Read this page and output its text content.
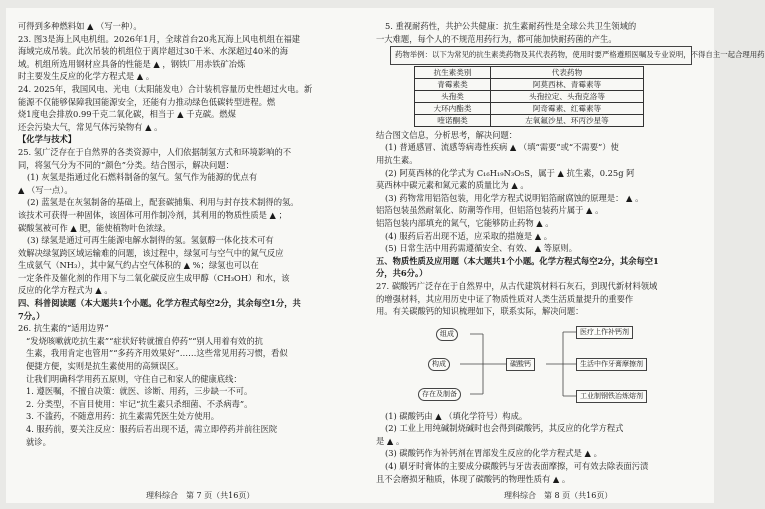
可得到多种燃料如 ▲ （写一种）。
23. 图3是海上风电机组。2026年1月，全球首台20兆瓦海上风电机组在福建
海域完成吊装。此次吊装的机组位于离岸超过30千米、水深超过40米的海
域。机组所选用钢材应具备的性能是 ▲ ，钢铁厂用赤铁矿冶炼
时主要发生反应的化学方程式是 ▲ 。
24. 2025年，我国风电、光电（太阳能发电）合计装机容量历史性超过火电。新
能源不仅能够保障我国能源安全，还能有力推动绿色低碳转型进程。燃
烧1度电会排放0.99千克二氧化碳，相当于 ▲ 千克碳。燃煤
还会污染大气，常见气体污染物有 ▲ 。
【化学与技术】
25. 氢广泛存在于自然界的各类资源中，人们依据制氢方式和环境影响的不
同，将氢气分为不同的“颜色”分类。结合图示，解决问题：
(1) 灰氢是指通过化石燃料制备的氢气。氢气作为能源的优点有
▲ （写一点）。
(2) 蓝氢是在灰氢制备的基础上，配套碳捕集、利用与封存技术制得的氢。
该技术可获得一种固体，该固体可用作制冷剂，其利用的物质性质是 ▲ ；
碳酸氢被可作 ▲ 肥，能使植物叶色浓绿。
(3) 绿氢是通过可再生能源电解水制得的氢。氢氨醇一体化技术可有
效解决绿氢跨区域运输难的问题，该过程中，绿氢可与空气中的氮气反应
生成氨气（NH₃），其中氮气约占空气体积的 ▲ %；绿氢也可以在
一定条件及催化剂的作用下与二氧化碳反应生成甲醇（CH₃OH）和水，该
反应的化学方程式为 ▲ 。
四、科普阅读题（本大题共1个小题。化学方程式每空2分，其余每空1分，共
7分。）
26. 抗生素的“适用边界”
“发烧咳嗽就吃抗生素”“症状好转就擅自停药”“别人用着有效的抗
生素，我用肯定也管用”“多药齐用效果好”……这些常见用药习惯，看似
便捷方便，实则是抗生素使用的高频误区。
让我们明确科学用药五原则，守住自己和家人的健康底线：
1. 遵医嘱，不擅自决策：就医、诊断、用药，三步缺一不可。
2. 分类型，不盲目使用：牢记“抗生素只杀细菌、不杀病毒”。
3. 不滥药，不随意用药：抗生素需凭医生处方使用。
4. 服药前，要关注反应：服药后若出现不适，需立即停药并前往医院
就诊。
理科综合　第 7 页（共16页）
5. 重视耐药性，共护公共健康：抗生素耐药性是全球公共卫生领域的
一大难题，每个人的不规范用药行为，都可能加快耐药菌的产生。
药物举例：以下为常见的抗生素类药物及其代表药物，使用时要严格遵照医嘱及专业说明，不得自主一起合理用药
抗生素类别	代表药物
青霉素类	阿莫西林、青霉素等
头孢类	头孢拉定、头孢克洛等
大环内酯类	阿奇霉素、红霉素等
喹诺酮类	左氧氟沙星、环丙沙星等
结合图文信息，分析思考，解决问题：
(1) 普通感冒、流感等病毒性疾病 ▲ （填“需要”或“不需要”）使
用抗生素。
(2) 阿莫西林的化学式为 C₁₆H₁₉N₃O₅S，属于 ▲ 抗生素，0.25g 阿
莫西林中碳元素和氮元素的质量比为 ▲ 。
(3) 药物常用铝箔包装，用化学方程式说明铝箔耐腐蚀的原理是： ▲ 。
铝箔包装虽然耐氧化、防潮等作用，但铝箔包装药片属于 ▲ 。
铝箔包装内部填充的氮气，它能够防止药物 ▲ 。
(4) 服药后若出现不适，应采取的措施是 ▲ 。
(5) 日常生活中用药需遵循安全、有效、 ▲ 等原则。
五、物质性质及应用题（本大题共1个小题。化学方程式每空2分，其余每空1
分，共6分。）
27. 碳酸钙广泛存在于自然界中，从古代建筑材料石灰石，到现代新材料领域
的增强材料，其应用历史中证了物质性质对人类生活质量提升的重要作
用。有关碳酸钙的知识梳理如下，联系实际，解决问题：
组成
构成
存在及制备
碳酸钙
医疗上作补钙剂
生活中作牙膏摩擦剂
工业制钢铁冶炼熔剂
(1) 碳酸钙由 ▲ （填化学符号）构成。
(2) 工业上用纯碱制烧碱时也会得到碳酸钙，其反应的化学方程式
是 ▲ 。
(3) 碳酸钙作为补钙剂在胃部发生反应的化学方程式是 ▲ 。
(4) 刷牙时膏体的主要成分碳酸钙与牙齿表面摩擦，可有效去除表面污渍
且不会磨损牙釉质，体现了碳酸钙的物理性质有 ▲ 。
理科综合　第 8 页（共16页）
